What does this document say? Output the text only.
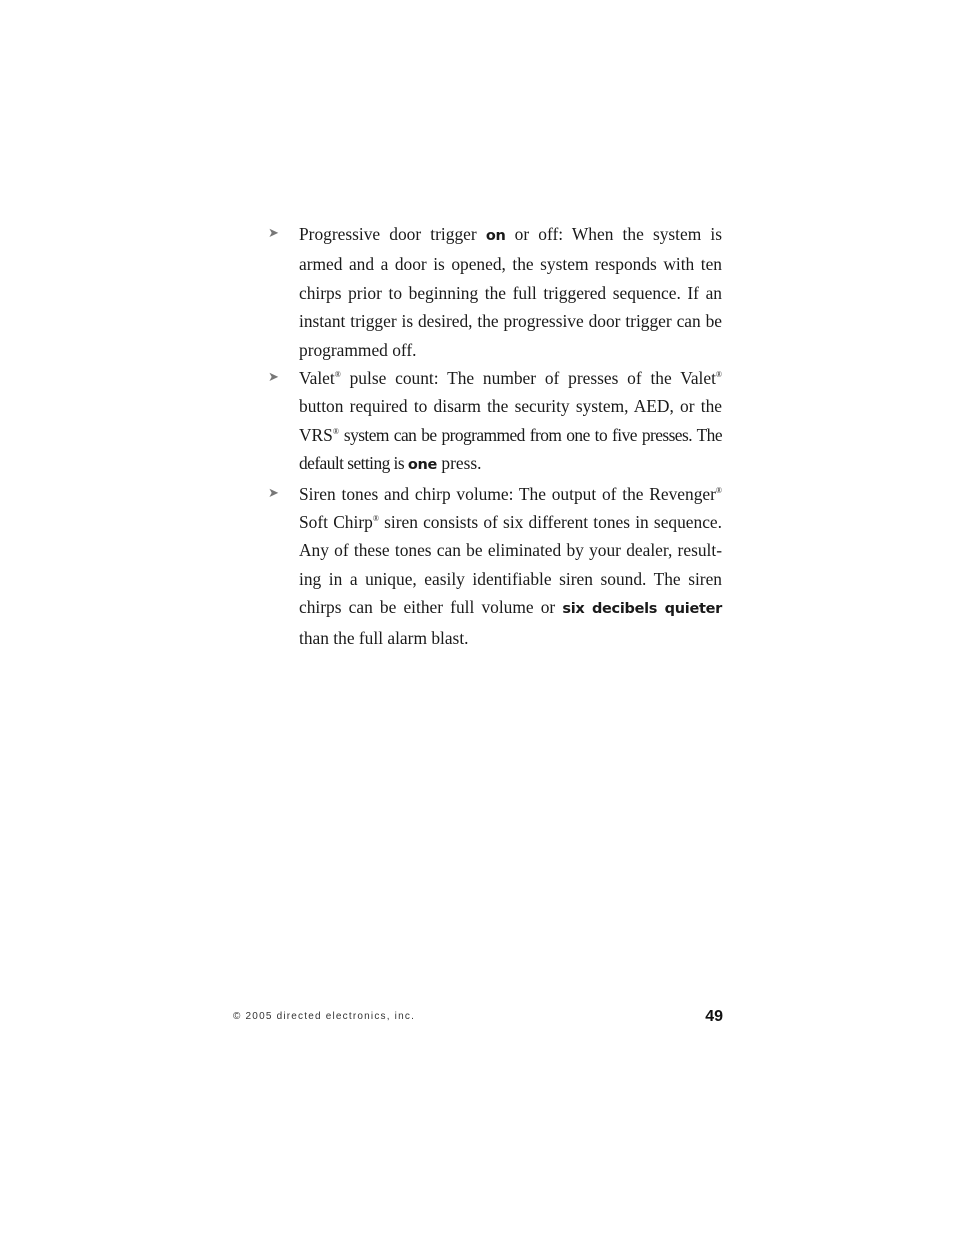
➤ Progressive door trigger on or off: When the system is armed and a door is opened, the system responds with ten chirps prior to beginning the full triggered sequence. If an instant trigger is desired, the progressive door trigger can be programmed off.
➤ Valet® pulse count: The number of presses of the Valet® button required to disarm the security system, AED, or the VRS® system can be programmed from one to five presses. The default setting is one press.
➤ Siren tones and chirp volume: The output of the Revenger® Soft Chirp® siren consists of six different tones in sequence. Any of these tones can be eliminated by your dealer, resulting in a unique, easily identifiable siren sound. The siren chirps can be either full volume or six decibels quieter than the full alarm blast.
© 2005 directed electronics, inc.	49
